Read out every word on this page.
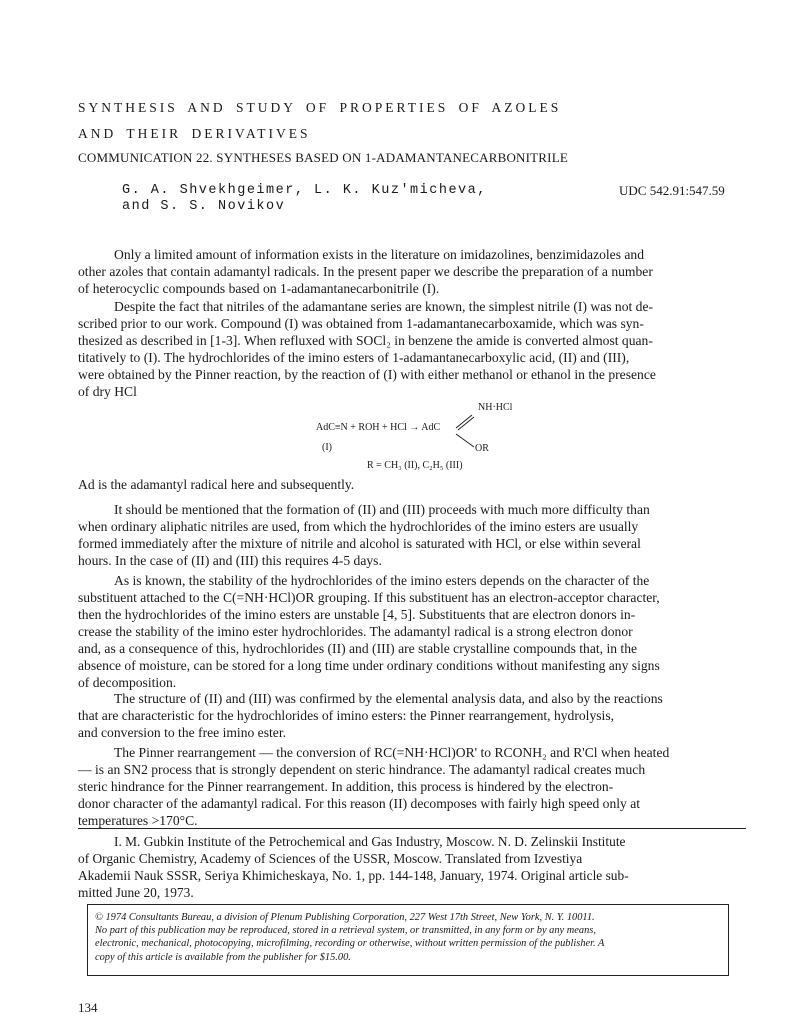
SYNTHESIS AND STUDY OF PROPERTIES OF AZOLES
AND THEIR DERIVATIVES
COMMUNICATION 22. SYNTHESES BASED ON 1-ADAMANTANECARBONITRILE
G. A. Shvekhgeimer, L. K. Kuz'micheva,
and S. S. Novikov
UDC 542.91:547.59
Only a limited amount of information exists in the literature on imidazolines, benzimidazoles and
other azoles that contain adamantyl radicals. In the present paper we describe the preparation of a number
of heterocyclic compounds based on 1-adamantanecarbonitrile (I).
Despite the fact that nitriles of the adamantane series are known, the simplest nitrile (I) was not de-
scribed prior to our work. Compound (I) was obtained from 1-adamantanecarboxamide, which was syn-
thesized as described in [1-3]. When refluxed with SOCl₂ in benzene the amide is converted almost quan-
titatively to (I). The hydrochlorides of the imino esters of 1-adamantanecarboxylic acid, (II) and (III),
were obtained by the Pinner reaction, by the reaction of (I) with either methanol or ethanol in the presence
of dry HCl
NH·HCl
AdC≡N + ROH + HCl → AdC
(I)	OR
R = CH₃ (II), C₂H₅ (III)
Ad is the adamantyl radical here and subsequently.
It should be mentioned that the formation of (II) and (III) proceeds with much more difficulty than
when ordinary aliphatic nitriles are used, from which the hydrochlorides of the imino esters are usually
formed immediately after the mixture of nitrile and alcohol is saturated with HCl, or else within several
hours. In the case of (II) and (III) this requires 4-5 days.
As is known, the stability of the hydrochlorides of the imino esters depends on the character of the
substituent attached to the C(=NH·HCl)OR grouping. If this substituent has an electron-acceptor character,
then the hydrochlorides of the imino esters are unstable [4, 5]. Substituents that are electron donors in-
crease the stability of the imino ester hydrochlorides. The adamantyl radical is a strong electron donor
and, as a consequence of this, hydrochlorides (II) and (III) are stable crystalline compounds that, in the
absence of moisture, can be stored for a long time under ordinary conditions without manifesting any signs
of decomposition.
The structure of (II) and (III) was confirmed by the elemental analysis data, and also by the reactions
that are characteristic for the hydrochlorides of imino esters: the Pinner rearrangement, hydrolysis,
and conversion to the free imino ester.
The Pinner rearrangement — the conversion of RC(=NH·HCl)OR' to RCONH₂ and R'Cl when heated
— is an SN2 process that is strongly dependent on steric hindrance. The adamantyl radical creates much
steric hindrance for the Pinner rearrangement. In addition, this process is hindered by the electron-
donor character of the adamantyl radical. For this reason (II) decomposes with fairly high speed only at
temperatures >170°C.
I. M. Gubkin Institute of the Petrochemical and Gas Industry, Moscow. N. D. Zelinskii Institute
of Organic Chemistry, Academy of Sciences of the USSR, Moscow. Translated from Izvestiya
Akademii Nauk SSSR, Seriya Khimicheskaya, No. 1, pp. 144-148, January, 1974. Original article sub-
mitted June 20, 1973.
© 1974 Consultants Bureau, a division of Plenum Publishing Corporation, 227 West 17th Street, New York, N. Y. 10011.
No part of this publication may be reproduced, stored in a retrieval system, or transmitted, in any form or by any means,
electronic, mechanical, photocopying, microfilming, recording or otherwise, without written permission of the publisher. A
copy of this article is available from the publisher for $15.00.
134
